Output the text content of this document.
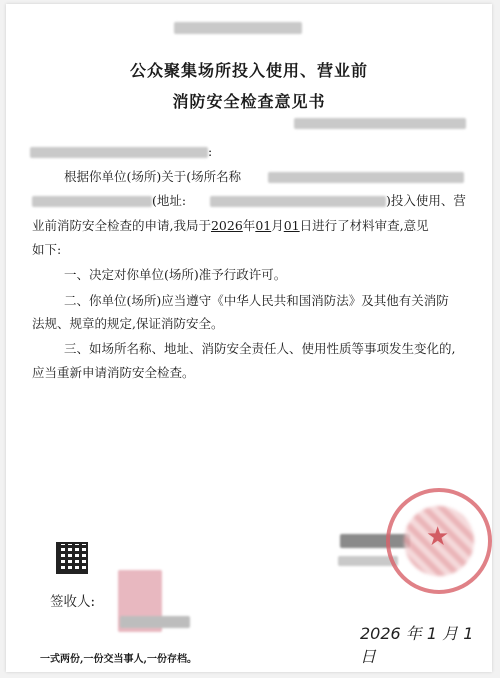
公众聚集场所投入使用、营业前
消防安全检查意见书
:
根据你单位(场所)关于(场所名称
(地址:	)投入使用、营
业前消防安全检查的申请,我局于2026年01月01日进行了材料审查,意见
如下:
一、决定对你单位(场所)准予行政许可。
二、你单位(场所)应当遵守《中华人民共和国消防法》及其他有关消防
法规、规章的规定,保证消防安全。
三、如场所名称、地址、消防安全责任人、使用性质等事项发生变化的,
应当重新申请消防安全检查。
★
签收人:
2026 年 1 月 1 日
一式两份,一份交当事人,一份存档。
